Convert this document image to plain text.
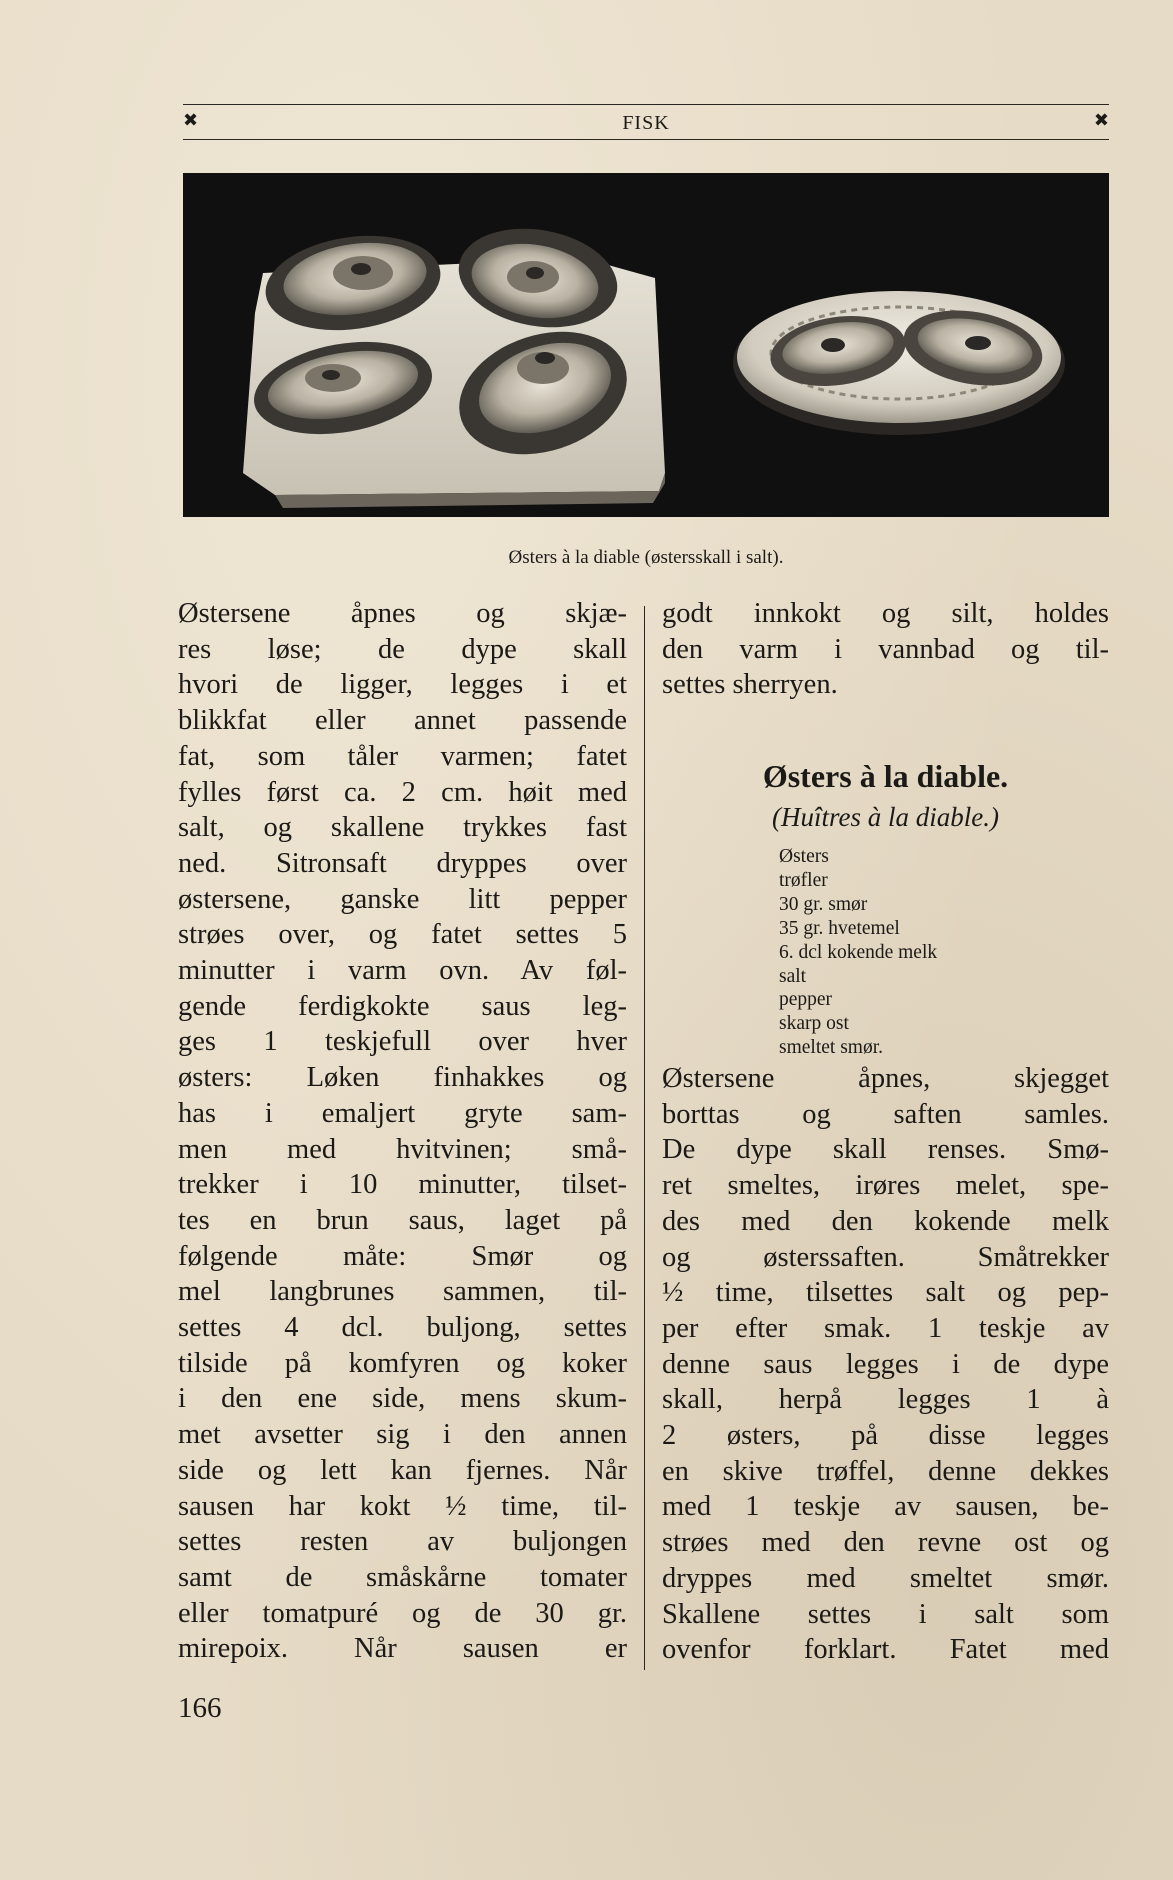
✖	FISK	✖
Østers à la diable (østersskall i salt).

Østersene åpnes og skjæ-

res løse; de dype skall

hvori de ligger, legges i et

blikkfat eller annet passende

fat, som tåler varmen; fatet

fylles først ca. 2 cm. høit med

salt, og skallene trykkes fast

ned. Sitronsaft dryppes over

østersene, ganske litt pepper

strøes over, og fatet settes 5

minutter i varm ovn. Av føl-

gende ferdigkokte saus leg-

ges 1 teskjefull over hver

østers: Løken finhakkes og

has i emaljert gryte sam-

men med hvitvinen; små-

trekker i 10 minutter, tilset-

tes en brun saus, laget på

følgende måte: Smør og

mel langbrunes sammen, til-

settes 4 dcl. buljong, settes

tilside på komfyren og koker

i den ene side, mens skum-

met avsetter sig i den annen

side og lett kan fjernes. Når

sausen har kokt ½ time, til-

settes resten av buljongen

samt de småskårne tomater

eller tomatpuré og de 30 gr.

mirepoix. Når sausen er

godt innkokt og silt, holdes

den varm i vannbad og til-

settes sherryen.

Østers à la diable.
(Huîtres à la diable.)
Østers
trøfler
30 gr. smør
35 gr. hvetemel
6. dcl kokende melk
salt
pepper
skarp ost
smeltet smør.

Østersene åpnes, skjegget

borttas og saften samles.

De dype skall renses. Smø-

ret smeltes, irøres melet, spe-

des med den kokende melk

og østerssaften. Småtrekker

½ time, tilsettes salt og pep-

per efter smak. 1 teskje av

denne saus legges i de dype

skall, herpå legges 1 à

2 østers, på disse legges

en skive trøffel, denne dekkes

med 1 teskje av sausen, be-

strøes med den revne ost og

dryppes med smeltet smør.

Skallene settes i salt som

ovenfor forklart. Fatet med

166
